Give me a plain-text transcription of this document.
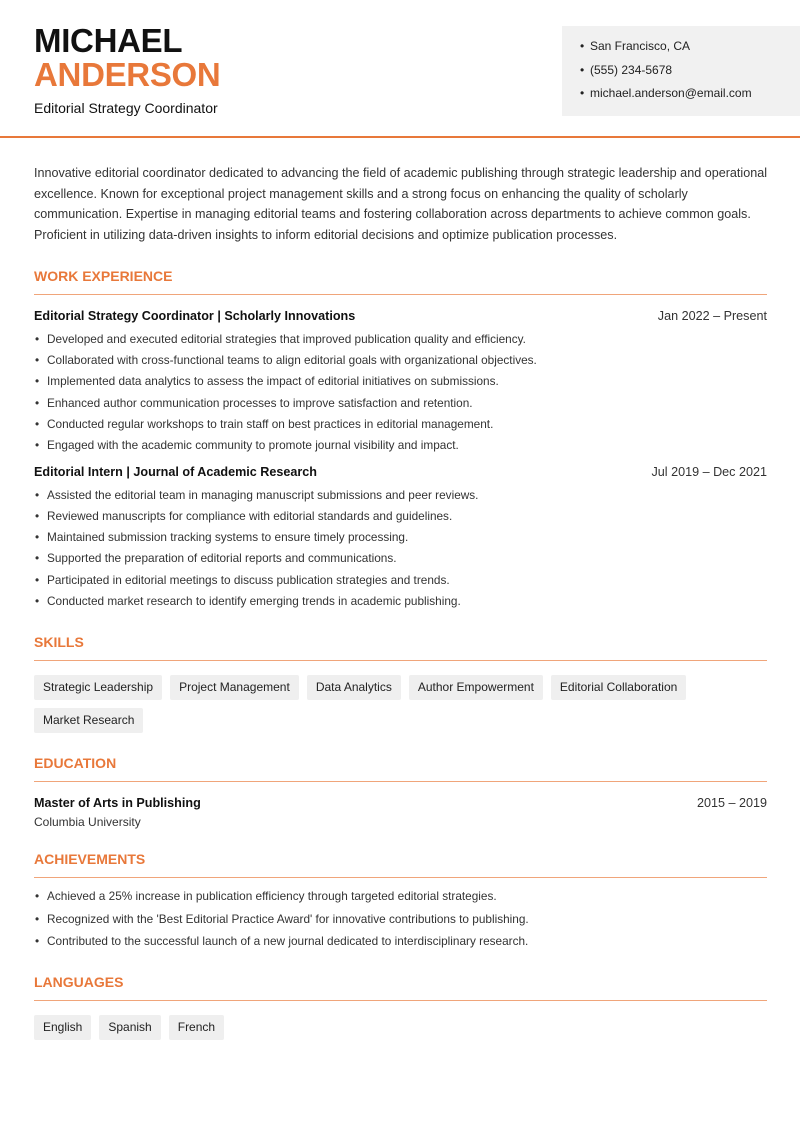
MICHAEL
ANDERSON
Editorial Strategy Coordinator
• San Francisco, CA
• (555) 234-5678
• michael.anderson@email.com

Innovative editorial coordinator dedicated to advancing the field of academic publishing through strategic leadership and operational excellence. Known for exceptional project management skills and a strong focus on enhancing the quality of scholarly communication. Expertise in managing editorial teams and fostering collaboration across departments to achieve common goals. Proficient in utilizing data-driven insights to inform editorial decisions and optimize publication processes.

WORK EXPERIENCE
Editorial Strategy Coordinator | Scholarly Innovations	Jan 2022 – Present
• Developed and executed editorial strategies that improved publication quality and efficiency.
• Collaborated with cross-functional teams to align editorial goals with organizational objectives.
• Implemented data analytics to assess the impact of editorial initiatives on submissions.
• Enhanced author communication processes to improve satisfaction and retention.
• Conducted regular workshops to train staff on best practices in editorial management.
• Engaged with the academic community to promote journal visibility and impact.
Editorial Intern | Journal of Academic Research	Jul 2019 – Dec 2021
• Assisted the editorial team in managing manuscript submissions and peer reviews.
• Reviewed manuscripts for compliance with editorial standards and guidelines.
• Maintained submission tracking systems to ensure timely processing.
• Supported the preparation of editorial reports and communications.
• Participated in editorial meetings to discuss publication strategies and trends.
• Conducted market research to identify emerging trends in academic publishing.
SKILLS
Strategic Leadership	Project Management	Data Analytics	Author Empowerment	Editorial Collaboration
Market Research
EDUCATION
Master of Arts in Publishing	2015 – 2019
Columbia University
ACHIEVEMENTS
• Achieved a 25% increase in publication efficiency through targeted editorial strategies.
• Recognized with the 'Best Editorial Practice Award' for innovative contributions to publishing.
• Contributed to the successful launch of a new journal dedicated to interdisciplinary research.
LANGUAGES
English	Spanish	French
